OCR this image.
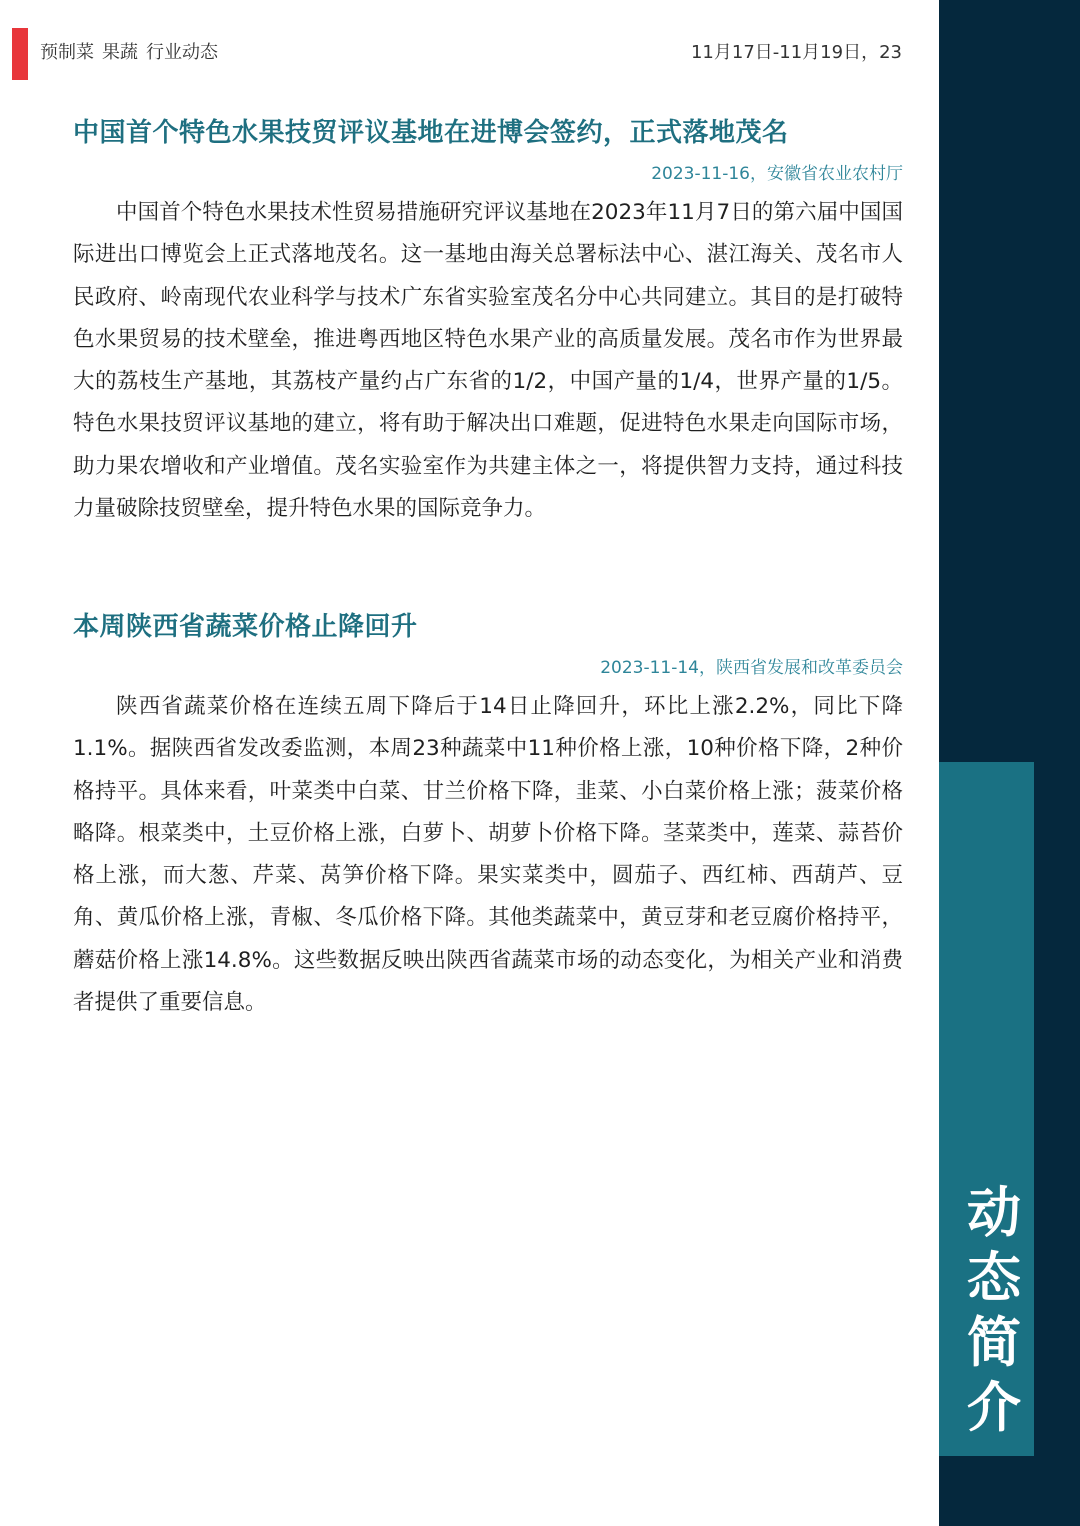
预制菜 果蔬 行业动态	11月17日-11月19日，23
中国首个特色水果技贸评议基地在进博会签约，正式落地茂名
2023-11-16，安徽省农业农村厅

中国首个特色水果技术性贸易措施研究评议基地在2023年11月7日的第六届中国国际进出口博览会上正式落地茂名。这一基地由海关总署标法中心、湛江海关、茂名市人民政府、岭南现代农业科学与技术广东省实验室茂名分中心共同建立。其目的是打破特色水果贸易的技术壁垒，推进粤西地区特色水果产业的高质量发展。茂名市作为世界最大的荔枝生产基地，其荔枝产量约占广东省的1/2，中国产量的1/4，世界产量的1/5。特色水果技贸评议基地的建立，将有助于解决出口难题，促进特色水果走向国际市场，助力果农增收和产业增值。茂名实验室作为共建主体之一，将提供智力支持，通过科技力量破除技贸壁垒，提升特色水果的国际竞争力。

本周陕西省蔬菜价格止降回升
2023-11-14，陕西省发展和改革委员会

陕西省蔬菜价格在连续五周下降后于14日止降回升，环比上涨2.2%，同比下降1.1%。据陕西省发改委监测，本周23种蔬菜中11种价格上涨，10种价格下降，2种价格持平。具体来看，叶菜类中白菜、甘兰价格下降，韭菜、小白菜价格上涨；菠菜价格略降。根菜类中，土豆价格上涨，白萝卜、胡萝卜价格下降。茎菜类中，莲菜、蒜苔价格上涨，而大葱、芹菜、莴笋价格下降。果实菜类中，圆茄子、西红柿、西葫芦、豆角、黄瓜价格上涨，青椒、冬瓜价格下降。其他类蔬菜中，黄豆芽和老豆腐价格持平，蘑菇价格上涨14.8%。这些数据反映出陕西省蔬菜市场的动态变化，为相关产业和消费者提供了重要信息。

动
态
简
介
